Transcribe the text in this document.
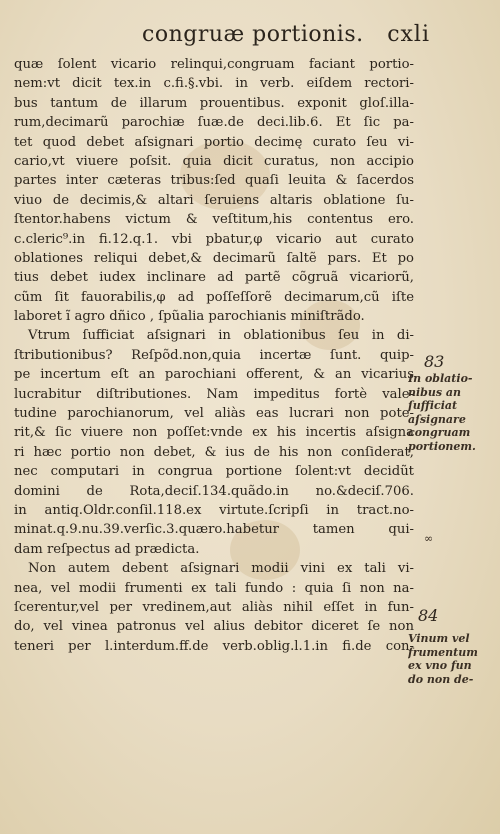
congruæ portionis. cxli
quæ ſolent vicario relinqui,congruam faciant portio-
nem:vt dicit tex.in c.fi.§.vbi. in verb. eiſdem rectori-
bus tantum de illarum prouentibus. exponit gloſ.illa-
rum,decimarũ parochiæ ſuæ.de deci.lib.6. Et ſic pa-
tet quod debet aſsignari portio decimę curato ſeu vi-
cario,vt viuere poſsit. quia dicit curatus, non accipio
partes inter cæteras tribus:ſed quaſi leuita & ſacerdos
viuo de decimis,& altari ſeruiens altaris oblatione ſu-
ſtentor.habens victum & veſtitum,his contentus ero.
c.cleric⁹.in fi.12.q.1. vbi pbatur,φ vicario aut curato
oblationes reliqui debet,& decimarũ ſaltẽ pars. Et po
tius debet iudex inclinare ad partẽ cõgruã vicariorũ,
cũm ſit fauorabilis,φ ad poſſeſſorẽ decimarum,cũ iſte
laboret ĩ agro dñico , ſpũalia parochianis miniſtrãdo.
Vtrum ſufficiat aſsignari in oblationibus ſeu in di-
ſtributionibus? Reſpõd.non,quia incertæ ſunt. quip-
pe incertum eſt an parochiani offerent, & an vicarius
lucrabitur diſtributiones. Nam impeditus fortè vale-
tudine parochianorum, vel aliàs eas lucrari non pote-
rit,& ſic viuere non poſſet:vnde ex his incertis aſsigna
ri hæc portio non debet, & ius de his non conſiderat,
nec computari in congrua portione ſolent:vt decidũt
domini de Rota,deciſ.134.quãdo.in no.&deciſ.706.
in antiq.Oldr.conſil.118.ex virtute.ſcripſi in tract.no-
minat.q.9.nu.39.verſic.3.quæro.habetur tamen qui-
dam reſpectus ad prædicta.
Non autem debent aſsignari modii vini ex tali vi-
nea, vel modii frumenti ex tali fundo : quia ſi non na-
ſcerentur,vel per vredinem,aut aliàs nihil eſſet in fun-
do, vel vinea patronus vel alius debitor diceret ſe non
teneri per l.interdum.ff.de verb.oblig.l.1.in fi.de con-
83
In oblatio-
nibus an
ſufficiat
aſsignare
congruam
portionem.
∞
84
Vinum vel
frumentum
ex vno fun
do non de-
